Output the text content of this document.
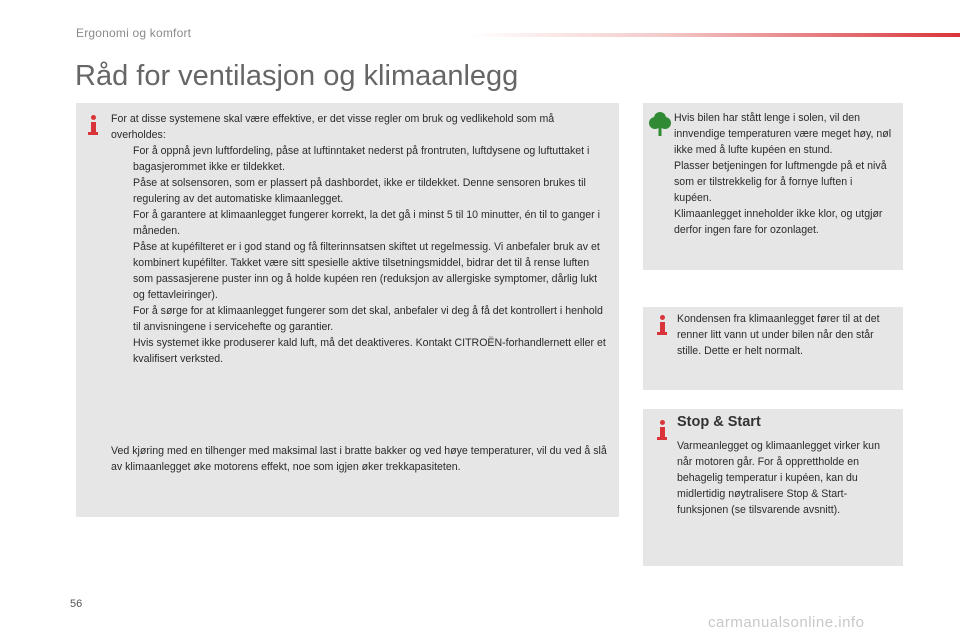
Ergonomi og komfort
Råd for ventilasjon og klimaanlegg
For at disse systemene skal være effektive, er det visse regler om bruk og vedlikehold som må overholdes:
For å oppnå jevn luftfordeling, påse at luftinntaket nederst på frontruten, luftdysene og luftuttaket i bagasjerommet ikke er tildekket.
Påse at solsensoren, som er plassert på dashbordet, ikke er tildekket. Denne sensoren brukes til regulering av det automatiske klimaanlegget.
For å garantere at klimaanlegget fungerer korrekt, la det gå i minst 5 til 10 minutter, én til to ganger i måneden.
Påse at kupéfilteret er i god stand og få filterinnsatsen skiftet ut regelmessig. Vi anbefaler bruk av et kombinert kupéfilter. Takket være sitt spesielle aktive tilsetningsmiddel, bidrar det til å rense luften som passasjerene puster inn og å holde kupéen ren (reduksjon av allergiske symptomer, dårlig lukt og fettavleiringer).
For å sørge for at klimaanlegget fungerer som det skal, anbefaler vi deg å få det kontrollert i henhold til anvisningene i servicehefte og garantier.
Hvis systemet ikke produserer kald luft, må det deaktiveres. Kontakt CITROËN-forhandlernett eller et kvalifisert verksted.
Ved kjøring med en tilhenger med maksimal last i bratte bakker og ved høye temperaturer, vil du ved å slå av klimaanlegget øke motorens effekt, noe som igjen øker trekkapasiteten.
Hvis bilen har stått lenge i solen, vil den innvendige temperaturen være meget høy, nøl ikke med å lufte kupéen en stund.
Plasser betjeningen for luftmengde på et nivå som er tilstrekkelig for å fornye luften i kupéen.
Klimaanlegget inneholder ikke klor, og utgjør derfor ingen fare for ozonlaget.
Kondensen fra klimaanlegget fører til at det renner litt vann ut under bilen når den står stille. Dette er helt normalt.
Stop & Start
Varmeanlegget og klimaanlegget virker kun når motoren går. For å opprettholde en behagelig temperatur i kupéen, kan du midlertidig nøytralisere Stop & Start-funksjonen (se tilsvarende avsnitt).
56
carmanualsonline.info
